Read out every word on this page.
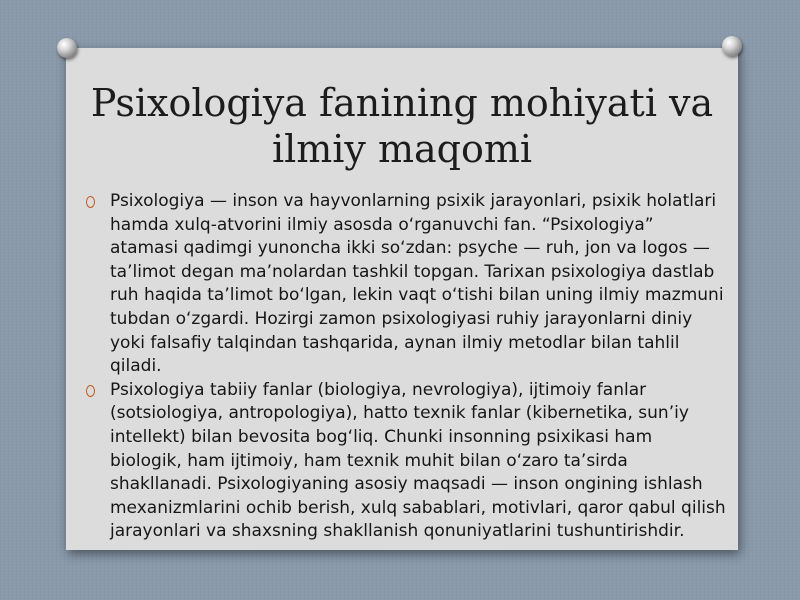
Psixologiya fanining mohiyati va ilmiy maqomi
Psixologiya — inson va hayvonlarning psixik jarayonlari, psixik holatlari hamda xulq-atvorini ilmiy asosda o‘rganuvchi fan. “Psixologiya” atamasi qadimgi yunoncha ikki so‘zdan: psyche — ruh, jon va logos — ta’limot degan ma’nolardan tashkil topgan. Tarixan psixologiya dastlab ruh haqida ta’limot bo‘lgan, lekin vaqt o‘tishi bilan uning ilmiy mazmuni tubdan o‘zgardi. Hozirgi zamon psixologiyasi ruhiy jarayonlarni diniy yoki falsafiy talqindan tashqarida, aynan ilmiy metodlar bilan tahlil qiladi.
Psixologiya tabiiy fanlar (biologiya, nevrologiya), ijtimoiy fanlar (sotsiologiya, antropologiya), hatto texnik fanlar (kibernetika, sun’iy intellekt) bilan bevosita bog‘liq. Chunki insonning psixikasi ham biologik, ham ijtimoiy, ham texnik muhit bilan o‘zaro ta’sirda shakllanadi. Psixologiyaning asosiy maqsadi — inson ongining ishlash mexanizmlarini ochib berish, xulq sabablari, motivlari, qaror qabul qilish jarayonlari va shaxsning shakllanish qonuniyatlarini tushuntirishdir.
